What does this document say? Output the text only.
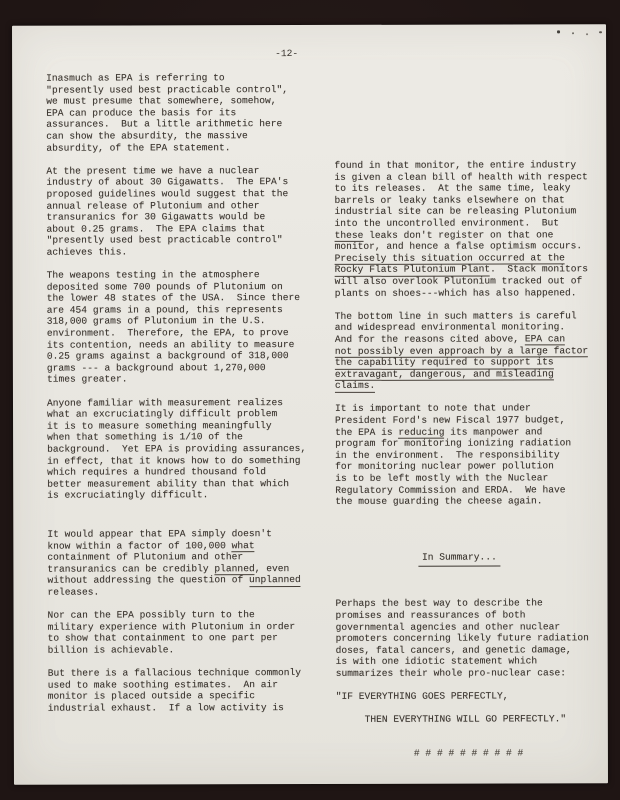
-12-
Inasmuch as EPA is referring to
"presently used best practicable control",
we must presume that somewhere, somehow,
EPA can produce the basis for its
assurances.  But a little arithmetic here
can show the absurdity, the massive
absurdity, of the EPA statement.
At the present time we have a nuclear
industry of about 30 Gigawatts.  The EPA's
proposed guidelines would suggest that the
annual release of Plutonium and other
transuranics for 30 Gigawatts would be
about 0.25 grams.  The EPA claims that
"presently used best practicable control"
achieves this.
The weapons testing in the atmosphere
deposited some 700 pounds of Plutonium on
the lower 48 states of the USA.  Since there
are 454 grams in a pound, this represents
318,000 grams of Plutonium in the U.S.
environment.  Therefore, the EPA, to prove
its contention, needs an ability to measure
0.25 grams against a background of 318,000
grams --- a background about 1,270,000
times greater.
Anyone familiar with measurement realizes
what an excruciatingly difficult problem
it is to measure something meaningfully
when that something is 1/10 of the
background.  Yet EPA is providing assurances,
in effect, that it knows how to do something
which requires a hundred thousand fold
better measurement ability than that which
is excruciatingly difficult.
It would appear that EPA simply doesn't
know within a factor of 100,000 what
containment of Plutonium and other
transuranics can be credibly planned, even
without addressing the question of unplanned
releases.
Nor can the EPA possibly turn to the
military experience with Plutonium in order
to show that containment to one part per
billion is achievable.
But there is a fallacious technique commonly
used to make soothing estimates.  An air
monitor is placed outside a specific
industrial exhaust.  If a low activity is
found in that monitor, the entire industry
is given a clean bill of health with respect
to its releases.  At the same time, leaky
barrels or leaky tanks elsewhere on that
industrial site can be releasing Plutonium
into the uncontrolled environment.  But
these leaks don't register on that one
monitor, and hence a false optimism occurs.
Precisely this situation occurred at the
Rocky Flats Plutonium Plant.  Stack monitors
will also overlook Plutonium tracked out of
plants on shoes---which has also happened.
The bottom line in such matters is careful
and widespread environmental monitoring.
And for the reasons cited above, EPA can
not possibly even approach by a large factor
the capability required to support its
extravagant, dangerous, and misleading
claims.
It is important to note that under
President Ford's new Fiscal 1977 budget,
the EPA is reducing its manpower and
program for monitoring ionizing radiation
in the environment.  The responsibility
for monitoring nuclear power pollution
is to be left mostly with the Nuclear
Regulatory Commission and ERDA.  We have
the mouse guarding the cheese again.
In Summary...
Perhaps the best way to describe the
promises and reassurances of both
governmental agencies and other nuclear
promoters concerning likely future radiation
doses, fatal cancers, and genetic damage,
is with one idiotic statement which
summarizes their whole pro-nuclear case:
"IF EVERYTHING GOES PERFECTLY,
THEN EVERYTHING WILL GO PERFECTLY."
# # # # # # # # # #
